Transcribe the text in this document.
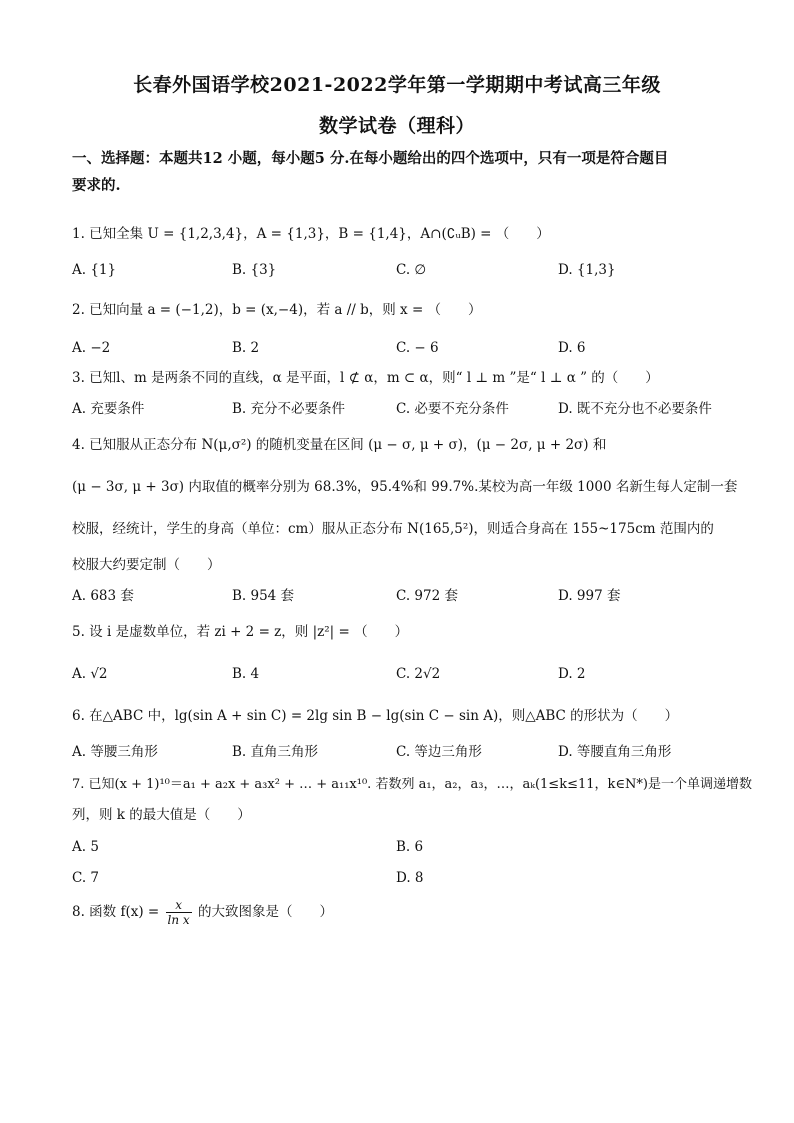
长春外国语学校2021-2022学年第一学期期中考试高三年级
数学试卷（理科）
一、选择题：本题共12 小题，每小题5 分.在每小题给出的四个选项中，只有一项是符合题目
要求的.
1. 已知全集 U = {1,2,3,4}，A = {1,3}，B = {1,4}，A∩(∁ᵤB) = （　　）
A. {1}	B. {3}	C. ∅	D. {1,3}
2. 已知向量 a = (−1,2)，b = (x,−4)，若 a // b，则 x = （　　）
A. −2	B. 2	C. − 6	D. 6
3. 已知l、m 是两条不同的直线，α 是平面，l ⊄ α，m ⊂ α，则“ l ⊥ m ”是“ l ⊥ α ” 的（　　）
A. 充要条件	B. 充分不必要条件	C. 必要不充分条件	D. 既不充分也不必要条件
4. 已知服从正态分布 N(μ,σ²) 的随机变量在区间 (μ − σ, μ + σ)，(μ − 2σ, μ + 2σ) 和
(μ − 3σ, μ + 3σ) 内取值的概率分别为 68.3%，95.4%和 99.7%.某校为高一年级 1000 名新生每人定制一套
校服，经统计，学生的身高（单位：cm）服从正态分布 N(165,5²)，则适合身高在 155~175cm 范围内的
校服大约要定制（　　）
A. 683 套	B. 954 套	C. 972 套	D. 997 套
5. 设 i 是虚数单位，若 zi + 2 = z，则 |z²| = （　　）
A. √2	B. 4	C. 2√2	D. 2
6. 在△ABC 中，lg(sin A + sin C) = 2lg sin B − lg(sin C − sin A)，则△ABC 的形状为（　　）
A. 等腰三角形	B. 直角三角形	C. 等边三角形	D. 等腰直角三角形
7. 已知(x + 1)¹⁰＝a₁ + a₂x + a₃x² + … + a₁₁x¹⁰. 若数列 a₁，a₂，a₃，…，aₖ(1≤k≤11，k∈N*)是一个单调递增数
列，则 k 的最大值是（　　）
A. 5	B. 6
C. 7	D. 8
8. 函数 $f(x) = \frac{x}{\text{ln x}}$ 的大致图象是（　　）
